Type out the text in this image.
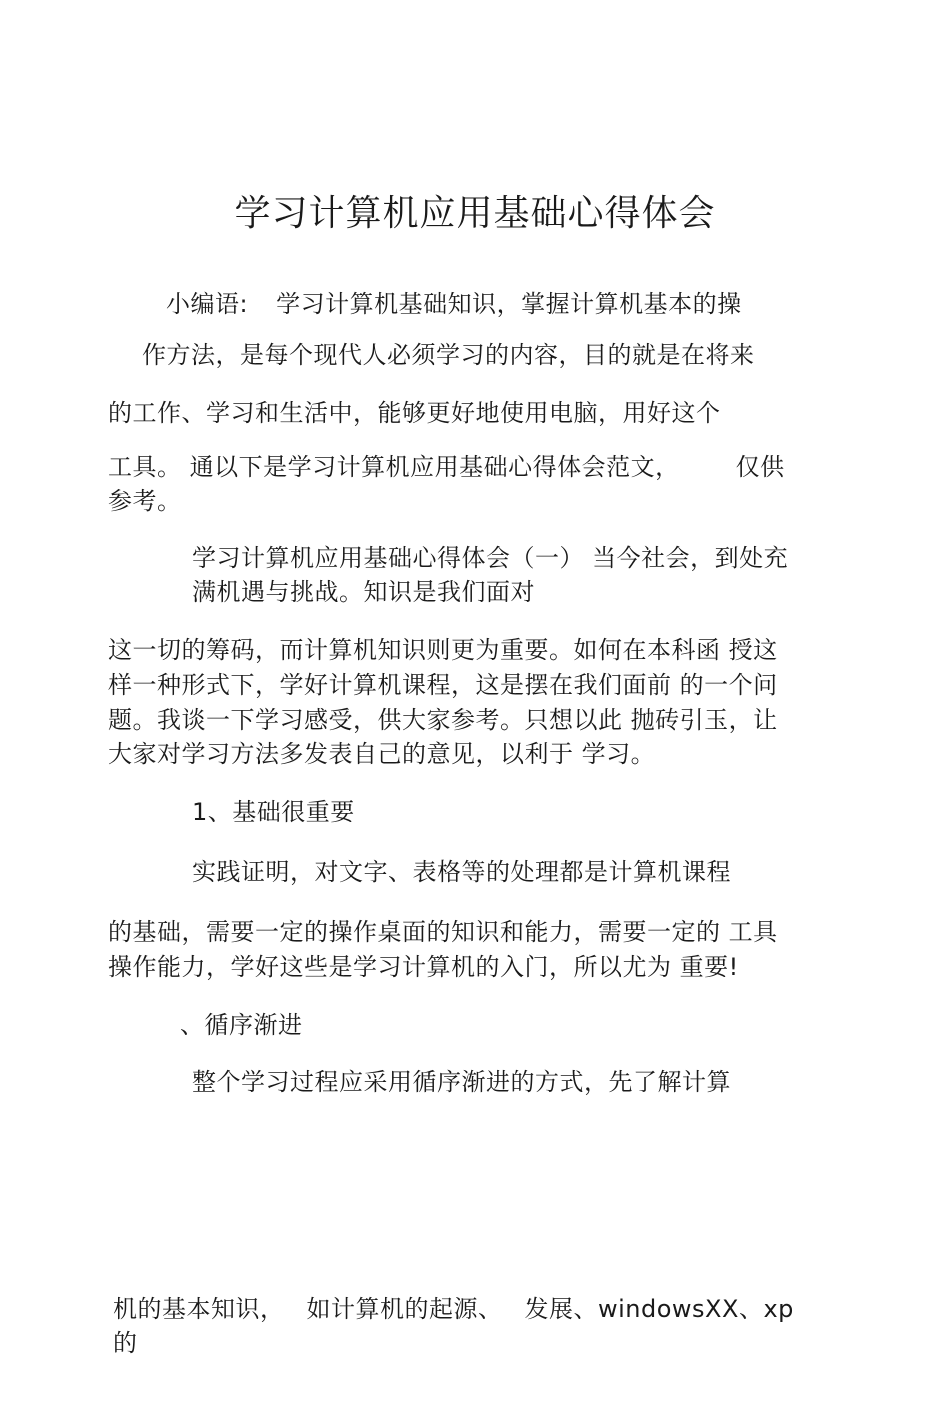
学习计算机应用基础心得体会
小编语: 学习计算机基础知识，掌握计算机基本的操
作方法，是每个现代人必须学习的内容，目的就是在将来
的工作、学习和生活中，能够更好地使用电脑，用好这个
工具。 通以下是学习计算机应用基础心得体会范文， 仅供
参考。
学习计算机应用基础心得体会（一） 当今社会，到处充
满机遇与挑战。知识是我们面对
这一切的筹码，而计算机知识则更为重要。如何在本科函 授这
样一种形式下，学好计算机课程，这是摆在我们面前 的一个问
题。我谈一下学习感受，供大家参考。只想以此 抛砖引玉，让
大家对学习方法多发表自己的意见，以利于 学习。
1、基础很重要
实践证明，对文字、表格等的处理都是计算机课程
的基础，需要一定的操作桌面的知识和能力，需要一定的 工具
操作能力，学好这些是学习计算机的入门，所以尤为 重要!
、循序渐进
整个学习过程应采用循序渐进的方式，先了解计算
机的基本知识， 如计算机的起源、 发展、windowsXX、xp
的
